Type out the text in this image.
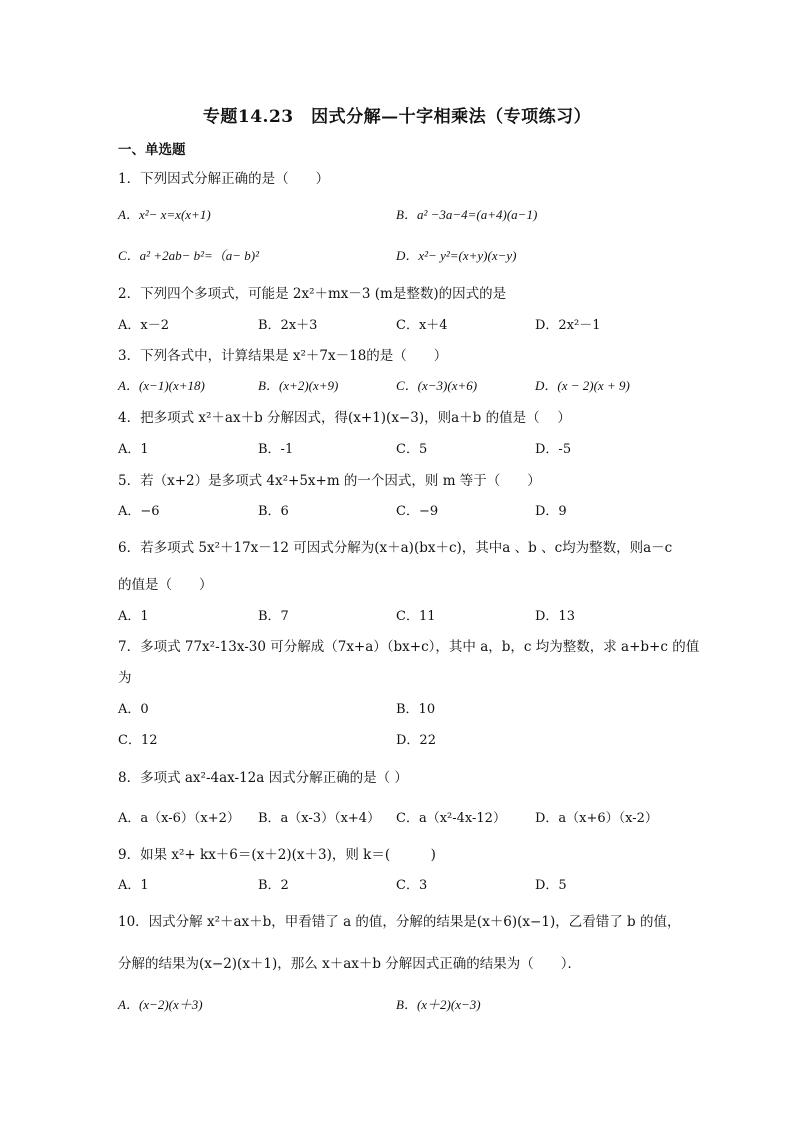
专题14.23　因式分解—十字相乘法（专项练习）
一、单选题
1．下列因式分解正确的是（　　）
A．x²− x=x(x+1)	B．a² −3a−4=(a+4)(a−1)
C．a² +2ab− b²=（a− b)²	D．x²− y²=(x+y)(x−y)
2．下列四个多项式，可能是 2x²＋mx－3 (m是整数)的因式的是
A．x－2	B．2x＋3	C．x＋4	D．2x²－1
3．下列各式中，计算结果是 x²＋7x－18的是（　　）
A．(x−1)(x+18)	B．(x+2)(x+9)	C．(x−3)(x+6)	D．(x − 2)(x + 9)
4．把多项式 x²＋ax＋b 分解因式，得(x+1)(x−3)，则a＋b 的值是（　 ）
A．1	B．-1	C．5	D．-5
5．若（x+2）是多项式 4x²+5x+m 的一个因式，则 m 等于（　　）
A．−6	B．6	C．−9	D．9
6．若多项式 5x²＋17x－12 可因式分解为(x＋a)(bx＋c)，其中a 、b 、c均为整数，则a－c
的值是（　　）
A．1	B．7	C．11	D．13
7．多项式 77x²-13x-30 可分解成（7x+a）（bx+c），其中 a，b，c 均为整数，求 a+b+c 的值
为
A．0	B．10
C．12	D．22
8．多项式 ax²-4ax-12a 因式分解正确的是（ ）
A．a（x-6）（x+2） B．a（x-3）（x+4） C．a（x²-4x-12） D．a（x+6）（x-2）
9．如果 x²+ kx＋6＝(x＋2)(x＋3)，则 k＝(　　　)
A．1	B．2	C．3	D．5
10．因式分解 x²＋ax＋b，甲看错了 a 的值，分解的结果是(x＋6)(x−1)，乙看错了 b 的值，
分解的结果为(x−2)(x＋1)，那么 x＋ax＋b 分解因式正确的结果为（　　）．
A．(x−2)(x＋3)	B．(x＋2)(x−3)
